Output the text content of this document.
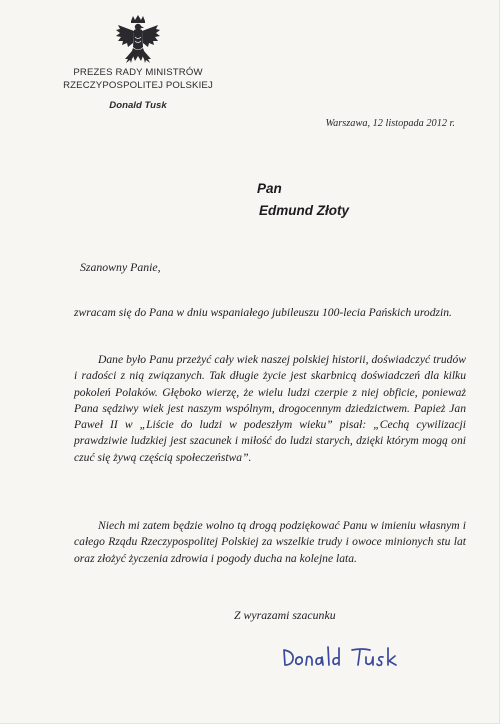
PREZES RADY MINISTRÓW
RZECZYPOSPOLITEJ POLSKIEJ
Donald Tusk
Warszawa, 12 listopada 2012 r.
Pan
Edmund Złoty
Szanowny Panie,

zwracam się do Pana w dniu wspaniałego jubileuszu 100-lecia Pańskich urodzin.

Dane było Panu przeżyć cały wiek naszej polskiej historii, doświadczyć trudów i radości z nią związanych. Tak długie życie jest skarbnicą doświadczeń dla kilku pokoleń Polaków. Głęboko wierzę, że wielu ludzi czerpie z niej obficie, ponieważ Pana sędziwy wiek jest naszym wspólnym, drogocennym dziedzictwem. Papież Jan Paweł II w „Liście do ludzi w podeszłym wieku” pisał: „Cechą cywilizacji prawdziwie ludzkiej jest szacunek i miłość do ludzi starych, dzięki którym mogą oni czuć się żywą częścią społeczeństwa”.

Niech mi zatem będzie wolno tą drogą podziękować Panu w imieniu własnym i całego Rządu Rzeczypospolitej Polskiej za wszelkie trudy i owoce minionych stu lat oraz złożyć życzenia zdrowia i pogody ducha na kolejne lata.

Z wyrazami szacunku
